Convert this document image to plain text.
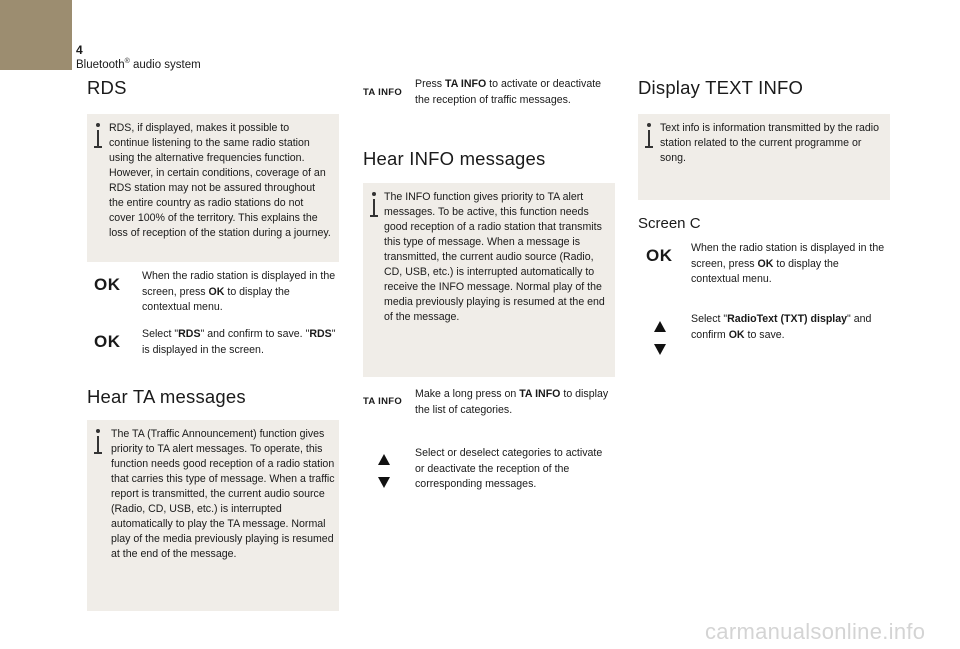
4
Bluetooth® audio system
RDS
RDS, if displayed, makes it possible to continue listening to the same radio station using the alternative frequencies function. However, in certain conditions, coverage of an RDS station may not be assured throughout the entire country as radio stations do not cover 100% of the territory. This explains the loss of reception of the station during a journey.
OK When the radio station is displayed in the screen, press OK to display the contextual menu.
OK Select "RDS" and confirm to save. "RDS" is displayed in the screen.
Hear TA messages
The TA (Traffic Announcement) function gives priority to TA alert messages. To operate, this function needs good reception of a radio station that carries this type of message. When a traffic report is transmitted, the current audio source (Radio, CD, USB, etc.) is interrupted automatically to play the TA message. Normal play of the media previously playing is resumed at the end of the message.
TA INFO
Press TA INFO to activate or deactivate the reception of traffic messages.
Hear INFO messages
The INFO function gives priority to TA alert messages. To be active, this function needs good reception of a radio station that transmits this type of message. When a message is transmitted, the current audio source (Radio, CD, USB, etc.) is interrupted automatically to receive the INFO message. Normal play of the media previously playing is resumed at the end of the message.
TA INFO
Make a long press on TA INFO to display the list of categories.
Select or deselect categories to activate or deactivate the reception of the corresponding messages.
Display TEXT INFO
Text info is information transmitted by the radio station related to the current programme or song.
Screen C
OK When the radio station is displayed in the screen, press OK to display the contextual menu.
Select "RadioText (TXT) display" and confirm OK to save.
carmanualsonline.info
